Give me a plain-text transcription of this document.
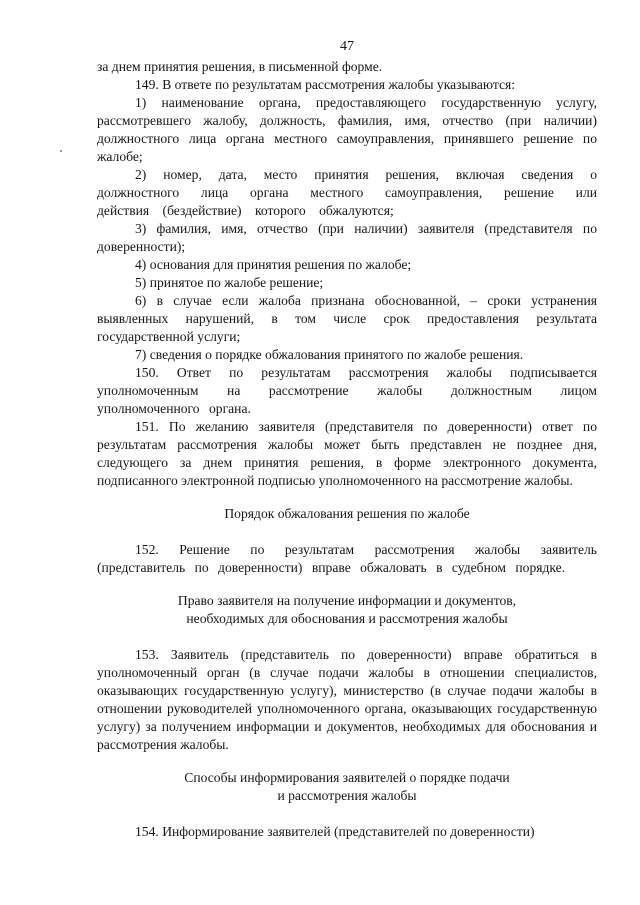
47

за днем принятия решения, в письменной форме.

149. В ответе по результатам рассмотрения жалобы указываются:

1) наименование органа, предоставляющего государственную услугу, рассмотревшего жалобу, должность, фамилия, имя, отчество (при наличии) должностного лица органа местного самоуправления, принявшего решение по жалобе;

2) номер, дата, место принятия решения, включая сведения о должностного лица органа местного самоуправления, решение или действия (бездействие) которого обжалуются;

3) фамилия, имя, отчество (при наличии) заявителя (представителя по доверенности);

4) основания для принятия решения по жалобе;

5) принятое по жалобе решение;

6) в случае если жалоба признана обоснованной, – сроки устранения выявленных нарушений, в том числе срок предоставления результата государственной услуги;

7) сведения о порядке обжалования принятого по жалобе решения.

150. Ответ по результатам рассмотрения жалобы подписывается уполномоченным на рассмотрение жалобы должностным лицом уполномоченного органа.

151. По желанию заявителя (представителя по доверенности) ответ по результатам рассмотрения жалобы может быть представлен не позднее дня, следующего за днем принятия решения, в форме электронного документа, подписанного электронной подписью уполномоченного на рассмотрение жалобы.

Порядок обжалования решения по жалобе

152. Решение по результатам рассмотрения жалобы заявитель (представитель по доверенности) вправе обжаловать в судебном порядке.

Право заявителя на получение информации и документов,

необходимых для обоснования и рассмотрения жалобы

153. Заявитель (представитель по доверенности) вправе обратиться в уполномоченный орган (в случае подачи жалобы в отношении специалистов, оказывающих государственную услугу), министерство (в случае подачи жалобы в отношении руководителей уполномоченного органа, оказывающих государственную услугу) за получением информации и документов, необходимых для обоснования и рассмотрения жалобы.

Способы информирования заявителей о порядке подачи

и рассмотрения жалобы

154. Информирование заявителей (представителей по доверенности)
